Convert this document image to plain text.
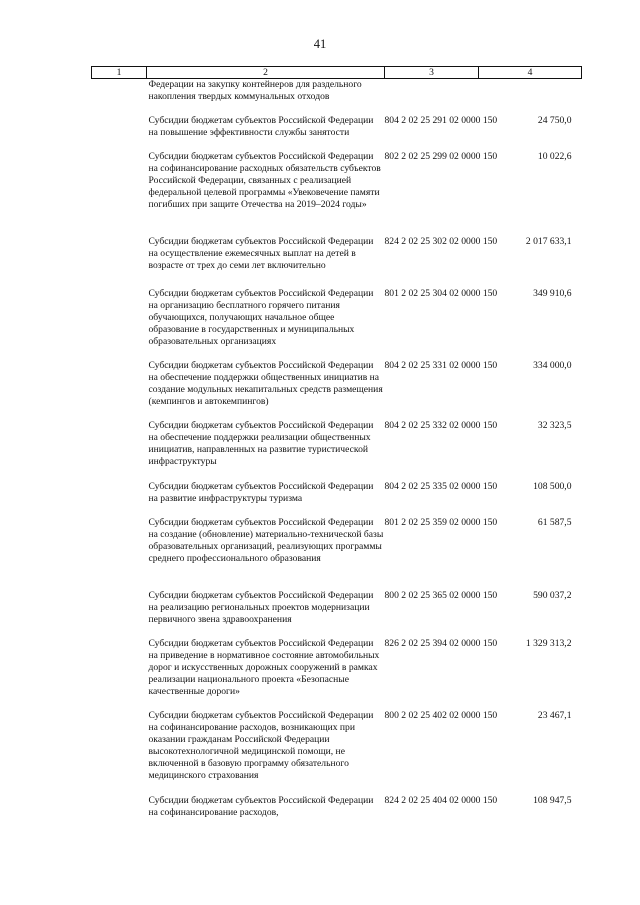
41
1	2	3	4
	Федерации на закупку контейнеров для раздельного накопления твердых коммунальных отходов		
	Субсидии бюджетам субъектов Российской Федерации на повышение эффективности службы занятости	804 2 02 25 291 02 0000 150	24 750,0
	Субсидии бюджетам субъектов Российской Федерации на софинансирование расходных обязательств субъектов Российской Федерации, связанных с реализацией федеральной целевой программы «Увековечение памяти погибших при защите Отечества на 2019–2024 годы»	802 2 02 25 299 02 0000 150	10 022,6
	Субсидии бюджетам субъектов Российской Федерации на осуществление ежемесячных выплат на детей в возрасте от трех до семи лет включительно	824 2 02 25 302 02 0000 150	2 017 633,1
	Субсидии бюджетам субъектов Российской Федерации на организацию бесплатного горячего питания обучающихся, получающих начальное общее образование в государственных и муниципальных образовательных организациях	801 2 02 25 304 02 0000 150	349 910,6
	Субсидии бюджетам субъектов Российской Федерации на обеспечение поддержки общественных инициатив на создание модульных некапитальных средств размещения (кемпингов и автокемпингов)	804 2 02 25 331 02 0000 150	334 000,0
	Субсидии бюджетам субъектов Российской Федерации на обеспечение поддержки реализации общественных инициатив, направленных на развитие туристической инфраструктуры	804 2 02 25 332 02 0000 150	32 323,5
	Субсидии бюджетам субъектов Российской Федерации на развитие инфраструктуры туризма	804 2 02 25 335 02 0000 150	108 500,0
	Субсидии бюджетам субъектов Российской Федерации на создание (обновление) материально-технической базы образовательных организаций, реализующих программы среднего профессионального образования	801 2 02 25 359 02 0000 150	61 587,5
	Субсидии бюджетам субъектов Российской Федерации на реализацию региональных проектов модернизации первичного звена здравоохранения	800 2 02 25 365 02 0000 150	590 037,2
	Субсидии бюджетам субъектов Российской Федерации на приведение в нормативное состояние автомобильных дорог и искусственных дорожных сооружений в рамках реализации национального проекта «Безопасные качественные дороги»	826 2 02 25 394 02 0000 150	1 329 313,2
	Субсидии бюджетам субъектов Российской Федерации на софинансирование расходов, возникающих при оказании гражданам Российской Федерации высокотехнологичной медицинской помощи, не включенной в базовую программу обязательного медицинского страхования	800 2 02 25 402 02 0000 150	23 467,1
	Субсидии бюджетам субъектов Российской Федерации на софинансирование расходов,	824 2 02 25 404 02 0000 150	108 947,5
